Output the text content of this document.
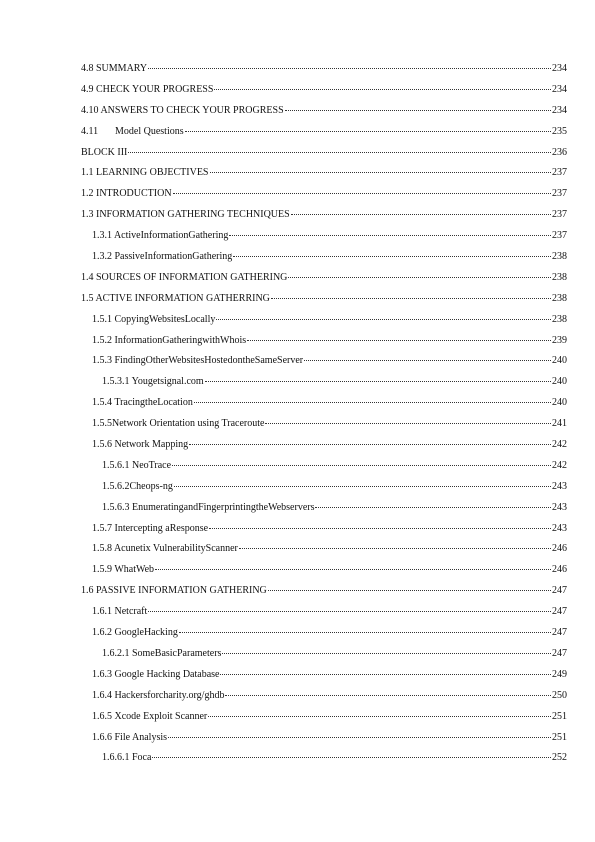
4.8 SUMMARY	234
4.9 CHECK YOUR PROGRESS	234
4.10 ANSWERS TO CHECK YOUR PROGRESS	234
4.11 Model Questions	235
BLOCK III	236
1.1 LEARNING OBJECTIVES	237
1.2 INTRODUCTION	237
1.3 INFORMATION GATHERING TECHNIQUES	237
1.3.1 ActiveInformationGathering	237
1.3.2 PassiveInformationGathering	238
1.4 SOURCES OF INFORMATION GATHERING	238
1.5 ACTIVE INFORMATION GATHERRING	238
1.5.1 CopyingWebsitesLocally	238
1.5.2 InformationGatheringwithWhois	239
1.5.3 FindingOtherWebsitesHostedontheSameServer	240
1.5.3.1 Yougetsignal.com	240
1.5.4 TracingtheLocation	240
1.5.5Network Orientation using Traceroute	241
1.5.6 Network Mapping	242
1.5.6.1 NeoTrace	242
1.5.6.2Cheops-ng	243
1.5.6.3 EnumeratingandFingerprintingtheWebservers	243
1.5.7 Intercepting aResponse	243
1.5.8 Acunetix VulnerabilityScanner	246
1.5.9 WhatWeb	246
1.6 PASSIVE INFORMATION GATHERING	247
1.6.1 Netcraft	247
1.6.2 GoogleHacking	247
1.6.2.1 SomeBasicParameters	247
1.6.3 Google Hacking Database	249
1.6.4 Hackersforcharity.org/ghdb	250
1.6.5 Xcode Exploit Scanner	251
1.6.6 File Analysis	251
1.6.6.1 Foca	252
